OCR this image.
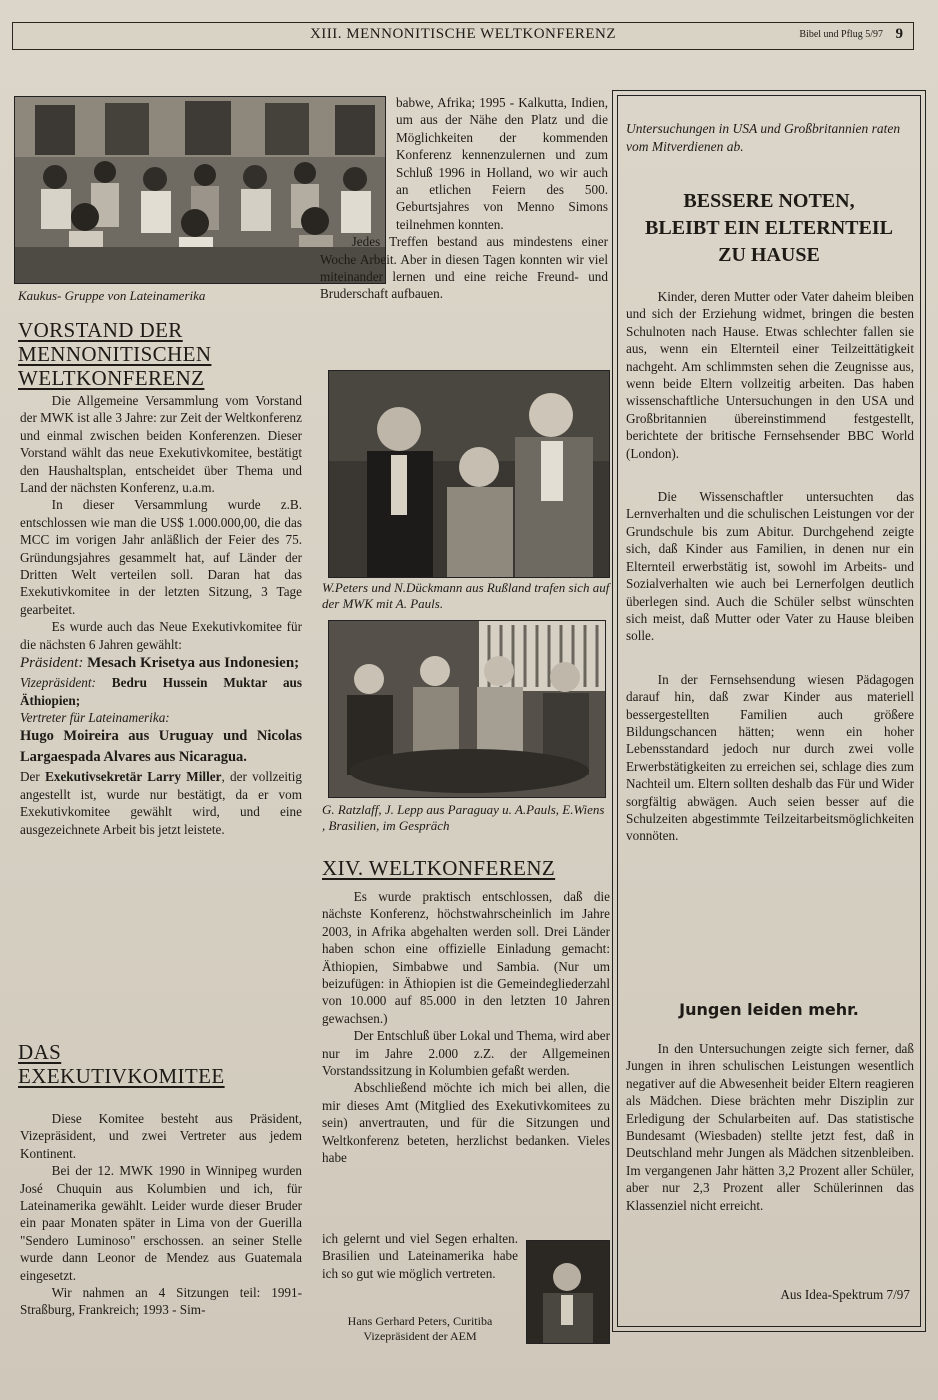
XIII. MENNONITISCHE WELTKONFERENZ	Bibel und Pflug 5/97 9
Kaukus- Gruppe von Lateinamerika
VORSTAND DER
MENNONITISCHEN
WELTKONFERENZ

Die Allgemeine Versammlung vom Vorstand der MWK ist alle 3 Jahre: zur Zeit der Weltkonferenz und einmal zwischen beiden Konferenzen. Dieser Vorstand wählt das neue Exekutivkomitee, bestätigt den Haushaltsplan, entscheidet über Thema und Land der nächsten Konferenz, u.a.m.

In dieser Versammlung wurde z.B. entschlossen wie man die US$ 1.000.000,00, die das MCC im vorigen Jahr anläßlich der Feier des 75. Gründungsjahres gesammelt hat, auf Länder der Dritten Welt verteilen soll. Daran hat das Exekutivkomitee in der letzten Sitzung, 3 Tage gearbeitet.

Es wurde auch das Neue Exekutivkomitee für die nächsten 6 Jahren gewählt:

Präsident: Mesach Krisetya aus Indonesien;

Vizepräsident: Bedru Hussein Muktar aus Äthiopien;

Vertreter für Lateinamerika:

Hugo Moireira aus Uruguay und Nicolas Largaespada Alvares aus Nicaragua.

Der Exekutivsekretär Larry Miller, der vollzeitig angestellt ist, wurde nur bestätigt, da er vom Exekutivkomitee gewählt wird, und eine ausgezeichnete Arbeit bis jetzt leistete.

DAS
EXEKUTIVKOMITEE

Diese Komitee besteht aus Präsident, Vizepräsident, und zwei Vertreter aus jedem Kontinent.

Bei der 12. MWK 1990 in Winnipeg wurden José Chuquin aus Kolumbien und ich, für Lateinamerika gewählt. Leider wurde dieser Bruder ein paar Monaten später in Lima von der Guerilla "Sendero Luminoso" erschossen. an seiner Stelle wurde dann Leonor de Mendez aus Guatemala eingesetzt.

Wir nahmen an 4 Sitzungen teil: 1991- Straßburg, Frankreich; 1993 - Sim-

babwe, Afrika; 1995 - Kalkutta, Indien, um aus der Nähe den Platz und die Möglichkeiten der kommenden Konferenz kennenzulernen und zum Schluß 1996 in Holland, wo wir auch an etlichen Feiern des 500. Geburtsjahres von Menno Simons teilnehmen konnten.

Jedes Treffen bestand aus mindestens einer Woche Arbeit. Aber in diesen Tagen konnten wir viel miteinander lernen und eine reiche Freund- und Bruderschaft aufbauen.

W.Peters und N.Dückmann aus Rußland trafen sich auf der MWK mit A. Pauls.
G. Ratzlaff, J. Lepp aus Paraguay u. A.Pauls, E.Wiens , Brasilien, im Gespräch
XIV. WELTKONFERENZ

Es wurde praktisch entschlossen, daß die nächste Konferenz, höchstwahrscheinlich im Jahre 2003, in Afrika abgehalten werden soll. Drei Länder haben schon eine offizielle Einladung gemacht: Äthiopien, Simbabwe und Sambia. (Nur um beizufügen: in Äthiopien ist die Gemeindegliederzahl von 10.000 auf 85.000 in den letzten 10 Jahren gewachsen.)

Der Entschluß über Lokal und Thema, wird aber nur im Jahre 2.000 z.Z. der Allgemeinen Vorstandssitzung in Kolumbien gefaßt werden.

Abschließend möchte ich mich bei allen, die mir dieses Amt (Mitglied des Exekutivkomitees zu sein) anvertrauten, und für die Sitzungen und Weltkonferenz beteten, herzlichst bedanken. Vieles habe

ich gelernt und viel Segen erhalten. Brasilien und Lateinamerika habe ich so gut wie möglich vertreten.

Hans Gerhard Peters, Curitiba
Vizepräsident der AEM
Untersuchungen in USA und Großbritannien raten vom Mitverdienen ab.
BESSERE NOTEN,
BLEIBT EIN ELTERNTEIL
ZU HAUSE

Kinder, deren Mutter oder Vater daheim bleiben und sich der Erziehung widmet, bringen die besten Schulnoten nach Hause. Etwas schlechter fallen sie aus, wenn ein Elternteil einer Teilzeittätigkeit nachgeht. Am schlimmsten sehen die Zeugnisse aus, wenn beide Eltern vollzeitig arbeiten. Das haben wissenschaftliche Untersuchungen in den USA und Großbritannien übereinstimmend festgestellt, berichtete der britische Fernsehsender BBC World (London).

Die Wissenschaftler untersuchten das Lernverhalten und die schulischen Leistungen vor der Grundschule bis zum Abitur. Durchgehend zeigte sich, daß Kinder aus Familien, in denen nur ein Elternteil erwerbstätig ist, sowohl im Arbeits- und Sozialverhalten wie auch bei Lernerfolgen deutlich überlegen sind. Auch die Schüler selbst wünschten sich meist, daß Mutter oder Vater zu Hause bleiben solle.

In der Fernsehsendung wiesen Pädagogen darauf hin, daß zwar Kinder aus materiell bessergestellten Familien auch größere Bildungschancen hätten; wenn ein hoher Lebensstandard jedoch nur durch zwei volle Erwerbstätigkeiten zu erreichen sei, schlage dies zum Nachteil um. Eltern sollten deshalb das Für und Wider sorgfältig abwägen. Auch seien besser auf die Schulzeiten abgestimmte Teilzeitarbeitsmöglichkeiten vonnöten.

Jungen leiden mehr.

In den Untersuchungen zeigte sich ferner, daß Jungen in ihren schulischen Leistungen wesentlich negativer auf die Abwesenheit beider Eltern reagieren als Mädchen. Diese brächten mehr Disziplin zur Erledigung der Schularbeiten auf. Das statistische Bundesamt (Wiesbaden) stellte jetzt fest, daß in Deutschland mehr Jungen als Mädchen sitzenbleiben. Im vergangenen Jahr hätten 3,2 Prozent aller Schüler, aber nur 2,3 Prozent aller Schülerinnen das Klassenziel nicht erreicht.

Aus Idea-Spektrum 7/97
